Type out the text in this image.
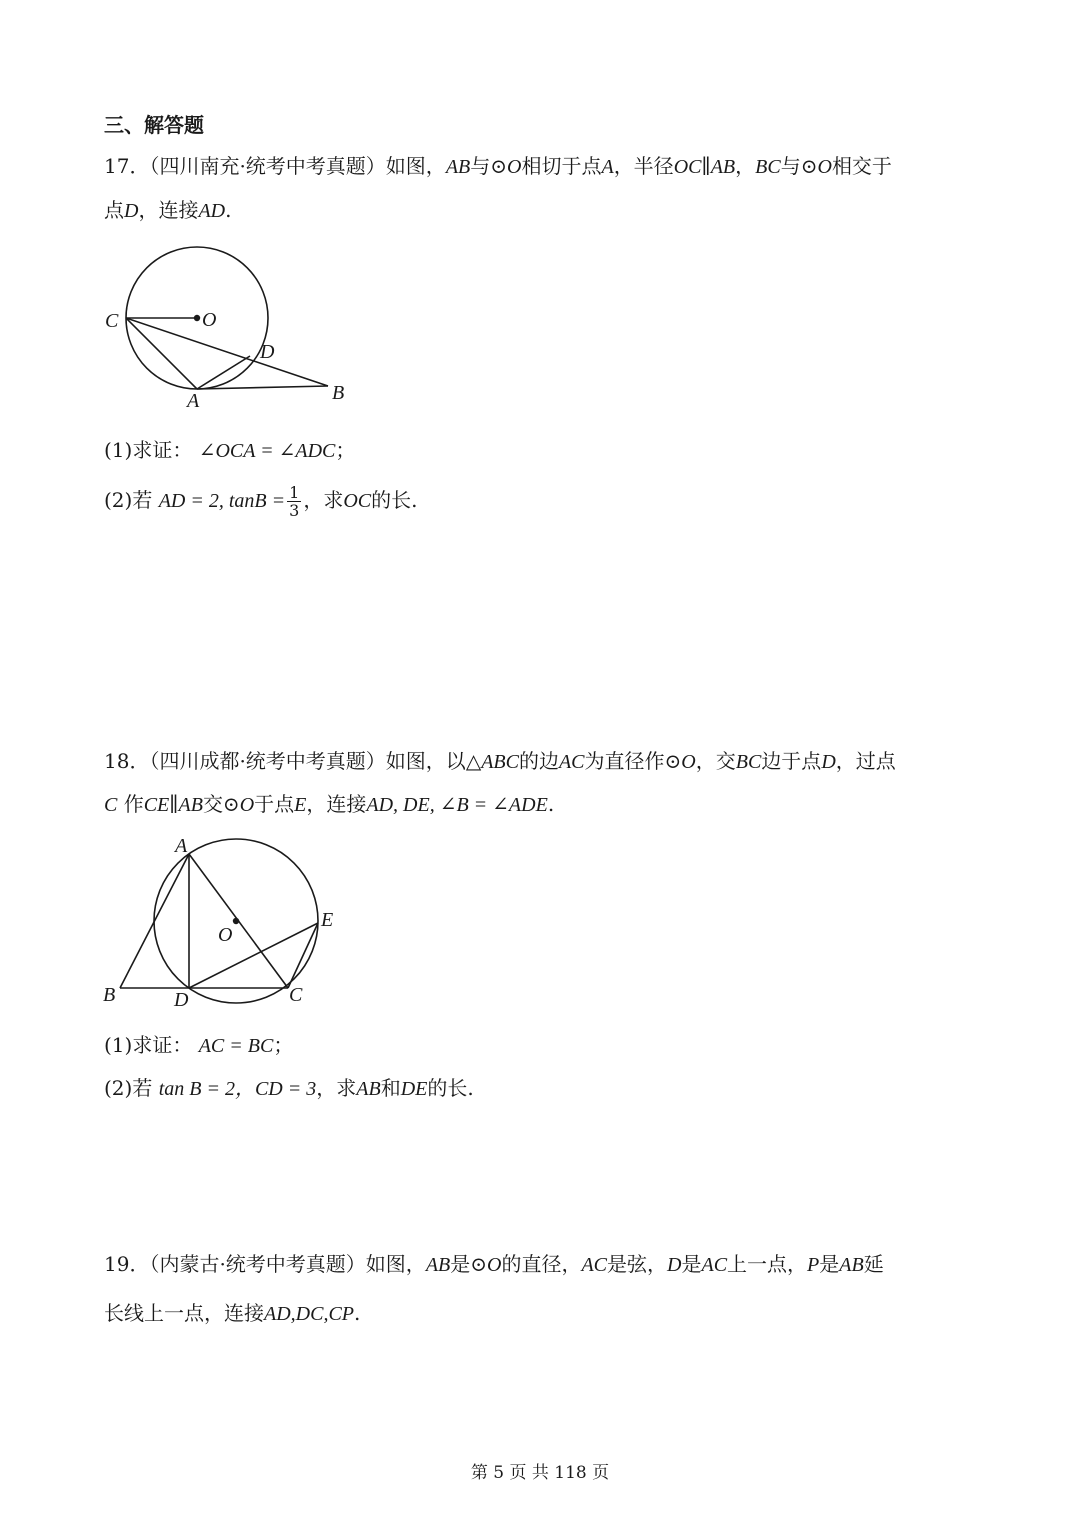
三、解答题
17．（四川南充·统考中考真题）如图，AB与⊙O相切于点A，半径OC∥AB，BC与⊙O相交于
点D，连接AD.
C	O
D
A	B
(1)求证： ∠OCA = ∠ADC；
(2)若 AD = 2, $\tan B = \frac{1}{3}$ ，求OC的长.
18．（四川成都·统考中考真题）如图，以△ABC的边AC为直径作⊙O，交BC边于点D，过点
C 作CE∥AB交⊙O于点E，连接AD, DE, ∠B = ∠ADE.
A
O
E
B	D	C
(1)求证： AC = BC；
(2)若 tan B = 2，CD = 3，求AB和DE的长.
19．（内蒙古·统考中考真题）如图，AB是⊙O的直径，AC是弦，D是AC上一点，P是AB延
长线上一点，连接AD,DC,CP.
第 5 页 共 118 页
